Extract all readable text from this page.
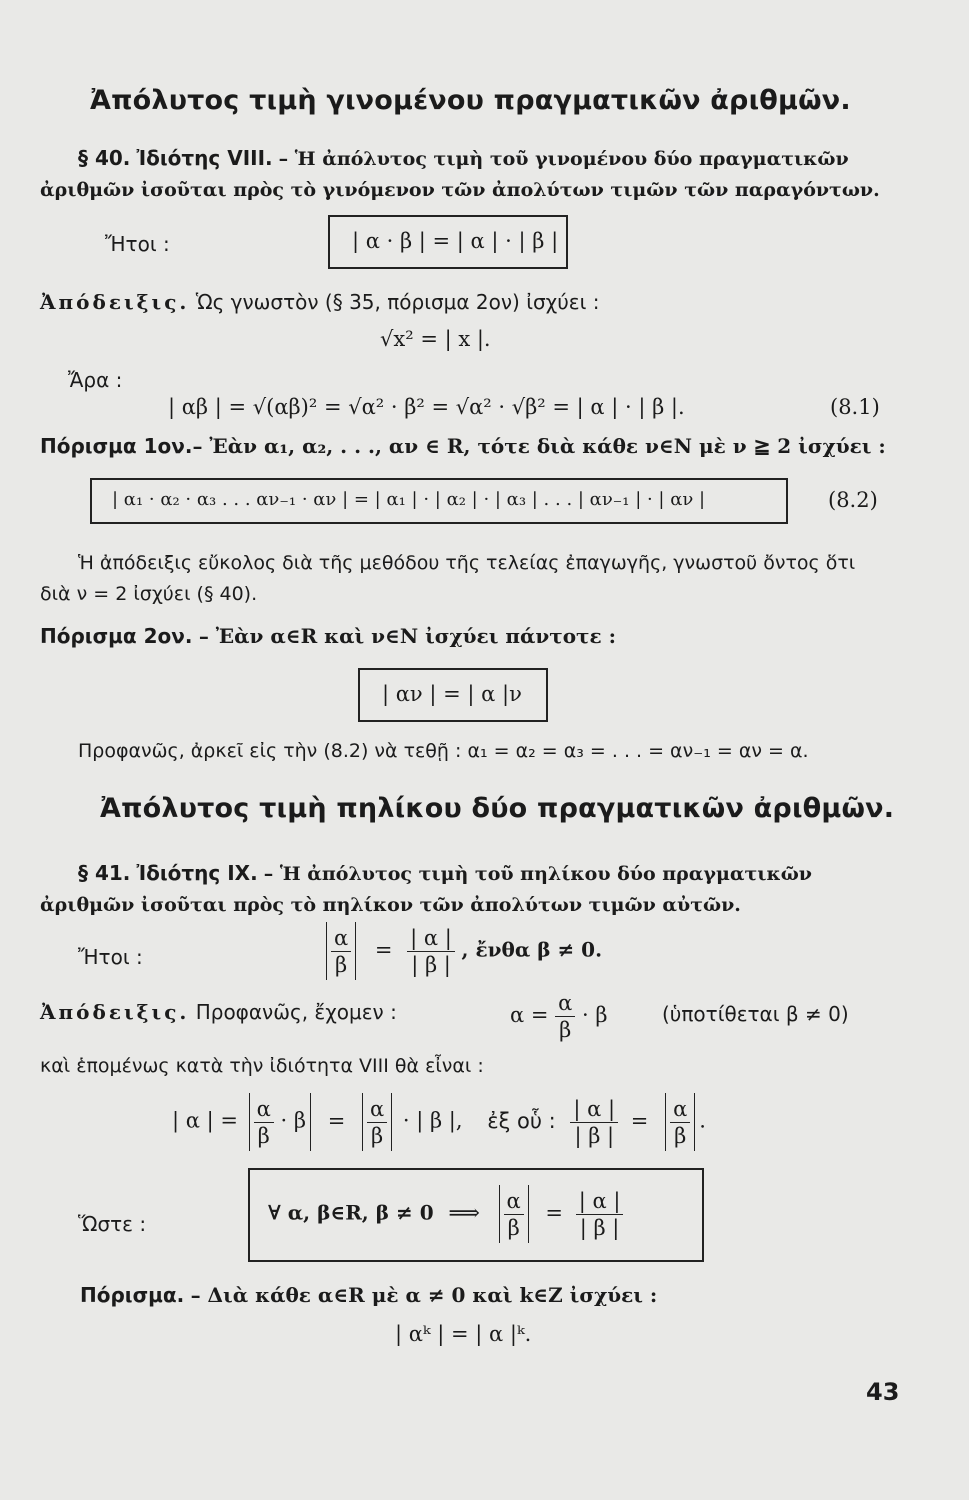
Ἀπόλυτος τιμὴ γινομένου πραγματικῶν ἀριθμῶν.
§ 40. Ἰδιότης VIII. – Ἡ ἀπόλυτος τιμὴ τοῦ γινομένου δύο πραγματικῶν ἀριθμῶν ἰσοῦται πρὸς τὸ γινόμενον τῶν ἀπολύτων τιμῶν τῶν παραγόντων.
Ἤτοι :	| α · β | = | α | · | β |
Ἀπόδειξις. Ὡς γνωστὸν (§ 35, πόρισμα 2ον) ἰσχύει :
√x² = | x |.
Ἄρα :
| αβ | = √(αβ)² = √α² · β² = √α² · √β² = | α | · | β |.	(8.1)
Πόρισμα 1ον.– Ἐὰν α₁, α₂, . . ., αν ∈ R, τότε διὰ κάθε ν∈N μὲ ν ≧ 2 ἰσχύει :
| α₁ · α₂ · α₃ . . . αν₋₁ · αν | = | α₁ | · | α₂ | · | α₃ | . . . | αν₋₁ | · | αν |	(8.2)
Ἡ ἀπόδειξις εὔκολος διὰ τῆς μεθόδου τῆς τελείας ἐπαγωγῆς, γνωστοῦ ὄντος ὅτι διὰ ν = 2 ἰσχύει (§ 40).
Πόρισμα 2ον. – Ἐὰν α∈R καὶ ν∈N ἰσχύει πάντοτε :
| αν | = | α |ν
Προφανῶς, ἀρκεῖ εἰς τὴν (8.2) νὰ τεθῇ : α₁ = α₂ = α₃ = . . . = αν₋₁ = αν = α.
Ἀπόλυτος τιμὴ πηλίκου δύο πραγματικῶν ἀριθμῶν.
§ 41. Ἰδιότης IX. – Ἡ ἀπόλυτος τιμὴ τοῦ πηλίκου δύο πραγματικῶν ἀριθμῶν ἰσοῦται πρὸς τὸ πηλίκον τῶν ἀπολύτων τιμῶν αὐτῶν.
Ἤτοι :	$\frac{\alpha}{\beta} = \frac{| \alpha |}{| \beta |}$ , ἔνθα β ≠ 0.
Ἀπόδειξις. Προφανῶς, ἔχομεν :	$\alpha = \frac{\alpha}{\beta} \cdot \beta$	(ὑποτίθεται β ≠ 0)
καὶ ἑπομένως κατὰ τὴν ἰδιότητα VIII θὰ εἶναι :
| α | = $\frac{\alpha}{\beta} \cdot \beta = \frac{\alpha}{\beta}$ · | β |, ἐξ οὗ : $\frac{| \alpha |}{| \beta |} = \frac{\alpha}{\beta}$ .
Ὥστε :	∀ α, β∈R, β ≠ 0 ⟹ $\frac{\alpha}{\beta} = \frac{| \alpha |}{| \beta |}$
Πόρισμα. – Διὰ κάθε α∈R μὲ α ≠ 0 καὶ k∈Z ἰσχύει :
| αᵏ | = | α |ᵏ.
43
